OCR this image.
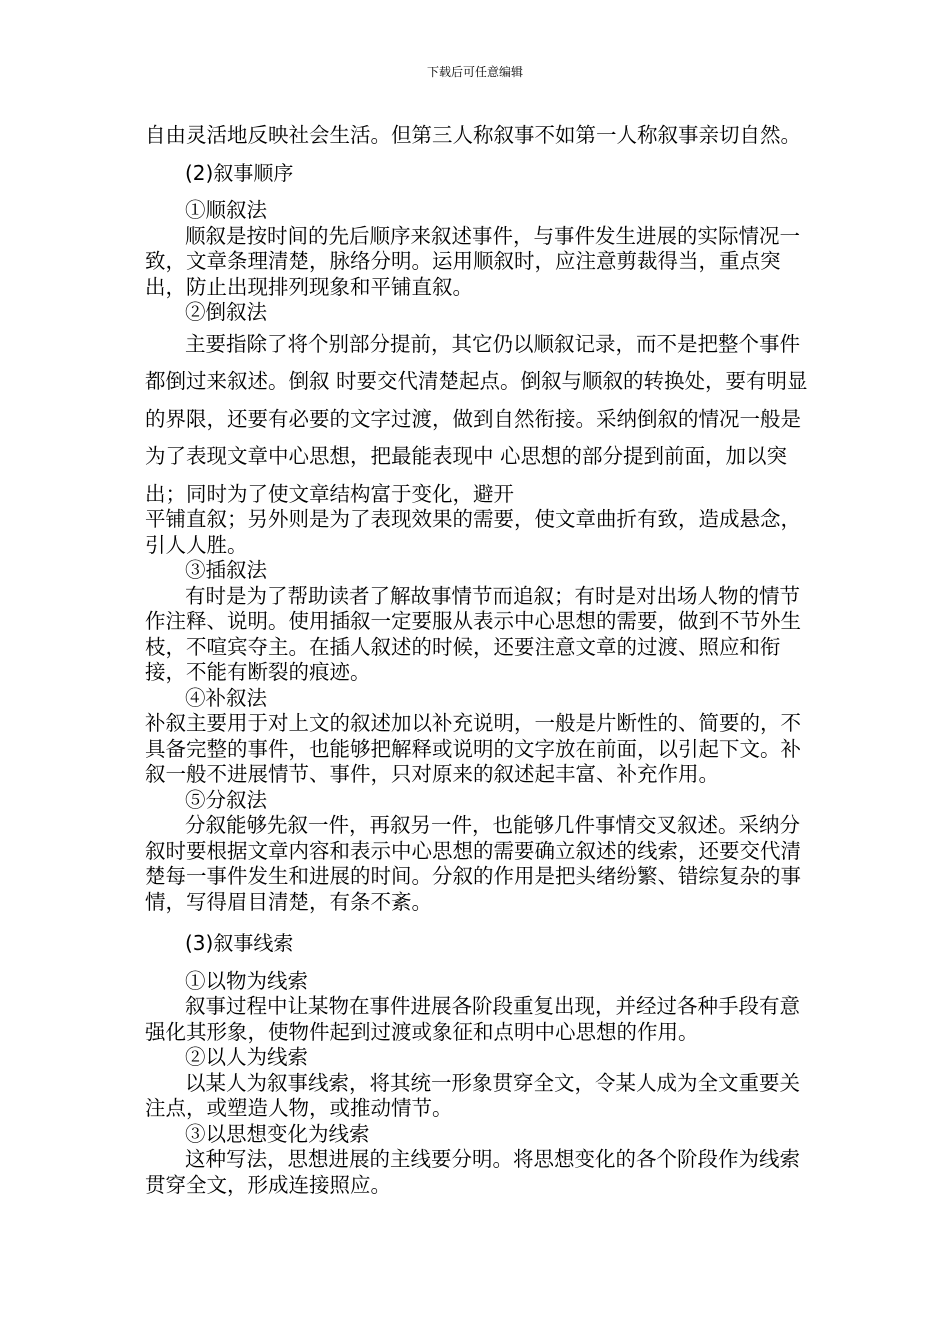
下载后可任意编辑

自由灵活地反映社会生活。但第三人称叙事不如第一人称叙事亲切自然。

(2)叙事顺序

①顺叙法

顺叙是按时间的先后顺序来叙述事件，与事件发生进展的实际情况一致，文章条理清楚，脉络分明。运用顺叙时，应注意剪裁得当，重点突出，防止出现排列现象和平铺直叙。

②倒叙法

主要指除了将个别部分提前，其它仍以顺叙记录，而不是把整个事件都倒过来叙述。倒叙 时要交代清楚起点。倒叙与顺叙的转换处，要有明显的界限，还要有必要的文字过渡，做到自然衔接。采纳倒叙的情况一般是为了表现文章中心思想，把最能表现中 心思想的部分提到前面，加以突出；同时为了使文章结构富于变化，避开

平铺直叙；另外则是为了表现效果的需要，使文章曲折有致，造成悬念，引人人胜。

③插叙法

有时是为了帮助读者了解故事情节而追叙；有时是对出场人物的情节作注释、说明。使用插叙一定要服从表示中心思想的需要，做到不节外生枝，不喧宾夺主。在插人叙述的时候，还要注意文章的过渡、照应和衔接，不能有断裂的痕迹。

④补叙法

补叙主要用于对上文的叙述加以补充说明，一般是片断性的、简要的，不具备完整的事件，也能够把解释或说明的文字放在前面，以引起下文。补叙一般不进展情节、事件，只对原来的叙述起丰富、补充作用。

⑤分叙法

分叙能够先叙一件，再叙另一件，也能够几件事情交叉叙述。采纳分叙时要根据文章内容和表示中心思想的需要确立叙述的线索，还要交代清楚每一事件发生和进展的时间。分叙的作用是把头绪纷繁、错综复杂的事情，写得眉目清楚，有条不紊。

(3)叙事线索

①以物为线索

叙事过程中让某物在事件进展各阶段重复出现，并经过各种手段有意强化其形象，使物件起到过渡或象征和点明中心思想的作用。

②以人为线索

以某人为叙事线索，将其统一形象贯穿全文，令某人成为全文重要关注点，或塑造人物，或推动情节。

③以思想变化为线索

这种写法，思想进展的主线要分明。将思想变化的各个阶段作为线索贯穿全文，形成连接照应。
